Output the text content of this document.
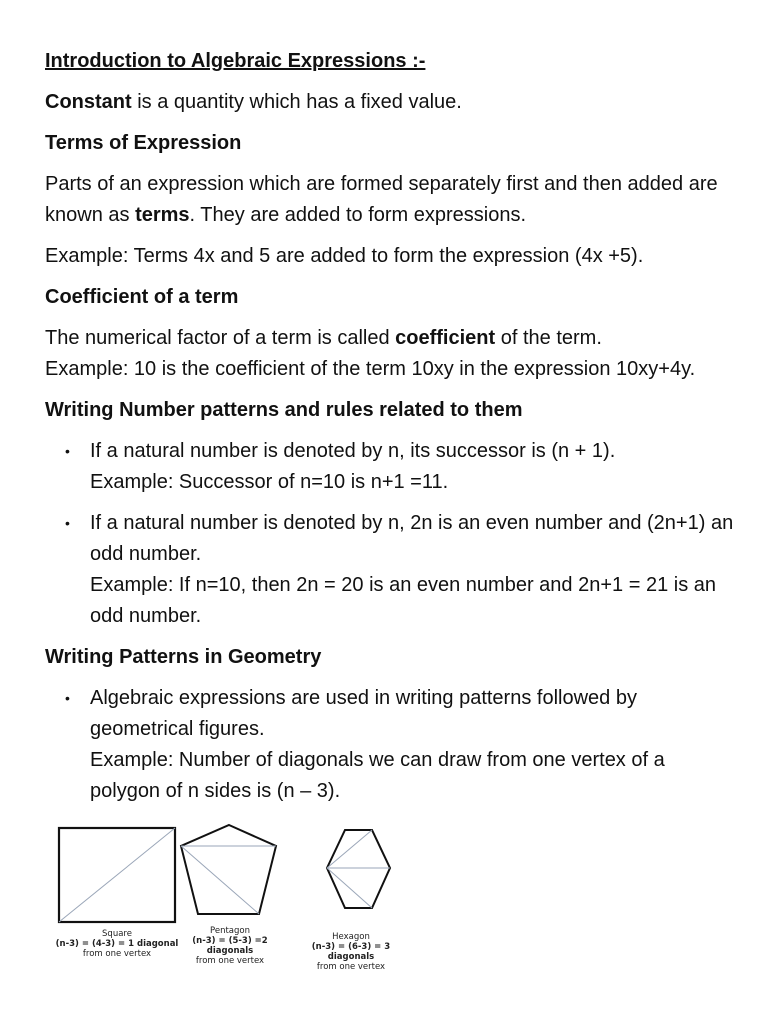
Introduction to Algebraic Expressions :-

Constant is a quantity which has a fixed value.

Terms of Expression

Parts of an expression which are formed separately first and then added are known as terms. They are added to form expressions.

Example: Terms 4x and 5 are added to form the expression (4x +5).

Coefficient of a term

The numerical factor of a term is called coefficient of the term.
Example: 10 is the coefficient of the term 10xy in the expression 10xy+4y.

Writing Number patterns and rules related to them

• If a natural number is denoted by n, its successor is (n + 1).
Example: Successor of n=10 is n+1 =11.
• If a natural number is denoted by n, 2n is an even number and (2n+1) an odd number.
Example: If n=10, then 2n = 20 is an even number and 2n+1 = 21 is an odd number.

Writing Patterns in Geometry

• Algebraic expressions are used in writing patterns followed by geometrical figures.
Example: Number of diagonals we can draw from one vertex of a polygon of n sides is (n – 3).
Square
(n-3) = (4-3) = 1 diagonal
from one vertex
Pentagon
(n-3) = (5-3) =2 diagonals
from one vertex
Hexagon
(n-3) = (6-3) = 3 diagonals
from one vertex
